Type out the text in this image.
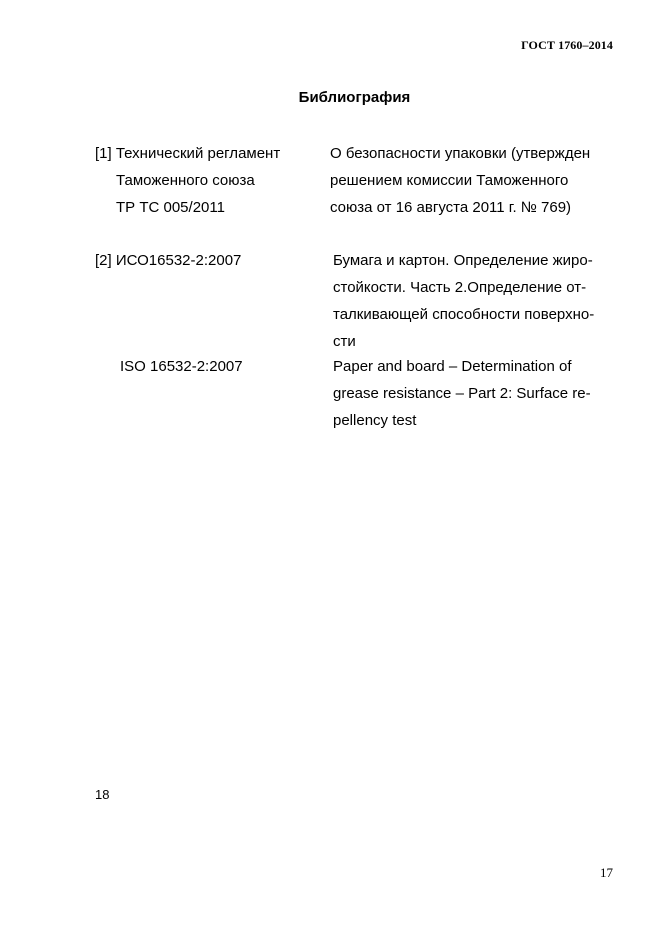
ГОСТ 1760–2014
Библиография
[1] Технический регламент
Таможенного союза
ТР ТС 005/2011
О безопасности упаковки (утвержден
решением комиссии Таможенного
союза от 16 августа 2011 г. № 769)
[2] ИСО16532-2:2007	Бумага и картон. Определение жиро-
стойкости. Часть 2.Определение от-
талкивающей способности поверхно-
сти
ISO 16532-2:2007	Paper and board – Determination of
grease resistance – Part 2: Surface re-
pellency test
18
17
